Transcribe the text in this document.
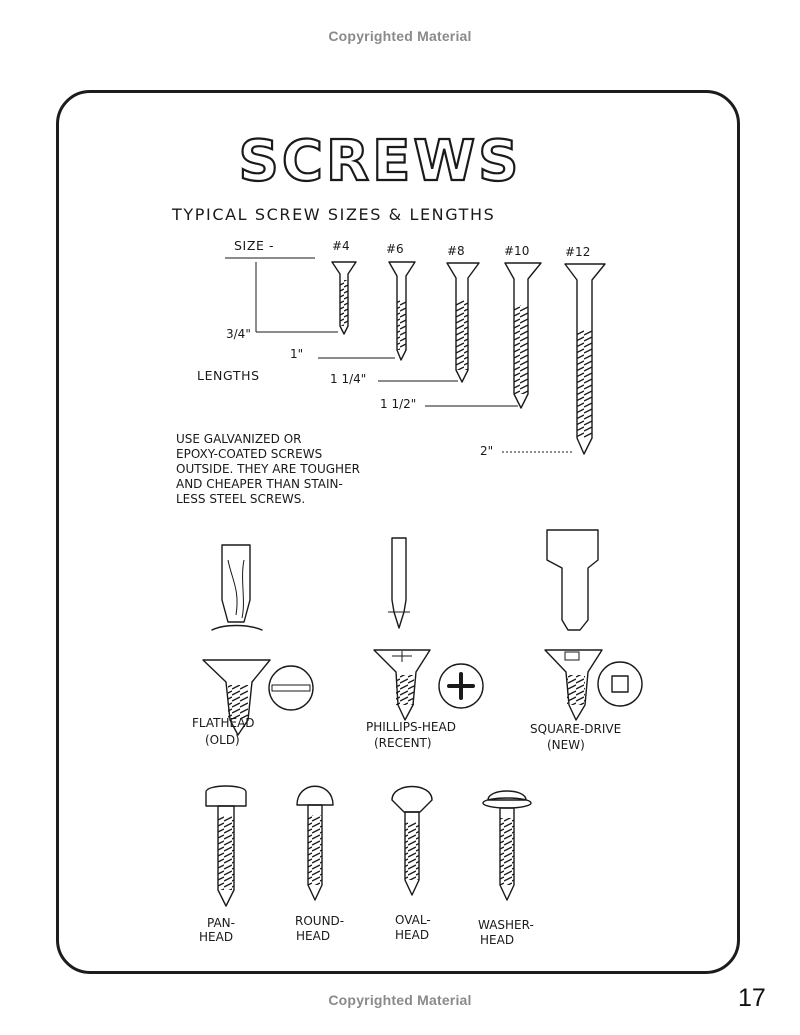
Copyrighted Material
SCREWS
TYPICAL SCREW SIZES & LENGTHS
SIZE -	#4	#6	#8	#10	#12
3/4"
1"
LENGTHS	1 1/4"
1 1/2"
2"
USE GALVANIZED OR
EPOXY-COATED SCREWS
OUTSIDE. THEY ARE TOUGHER
AND CHEAPER THAN STAIN-
LESS STEEL SCREWS.
FLATHEAD
(OLD)
PHILLIPS-HEAD
(RECENT)
SQUARE-DRIVE
(NEW)
PAN-
HEAD
ROUND-
HEAD
OVAL-
HEAD
WASHER-
HEAD
Copyrighted Material	17
